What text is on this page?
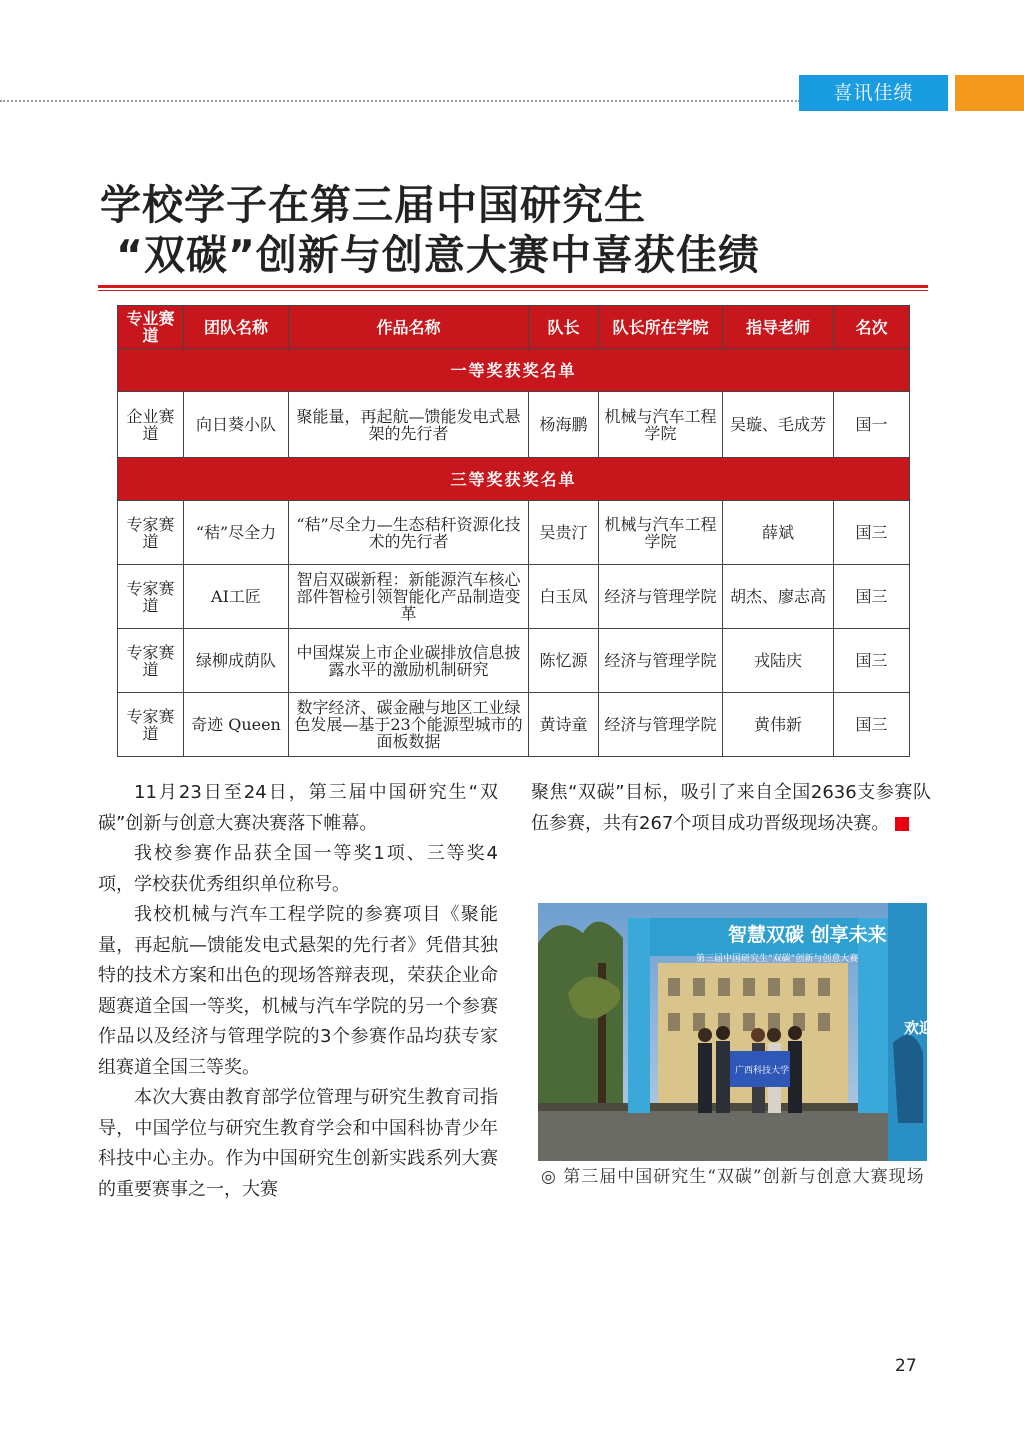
喜讯佳绩
学校学子在第三届中国研究生
“双碳”创新与创意大赛中喜获佳绩
专业赛道	团队名称	作品名称	队长	队长所在学院	指导老师	名次
一等奖获奖名单						
企业赛道	向日葵小队	聚能量，再起航—馈能发电式悬架的先行者	杨海鹏	机械与汽车工程学院	吴璇、毛成芳	国一
三等奖获奖名单						
专家赛道	“秸”尽全力	“秸”尽全力—生态秸秆资源化技术的先行者	吴贵汀	机械与汽车工程学院	薛斌	国三
专家赛道	AI工匠	智启双碳新程：新能源汽车核心部件智检引领智能化产品制造变革	白玉凤	经济与管理学院	胡杰、廖志高	国三
专家赛道	绿柳成荫队	中国煤炭上市企业碳排放信息披露水平的激励机制研究	陈忆源	经济与管理学院	戎陆庆	国三
专家赛道	奇迹 Queen	数字经济、碳金融与地区工业绿色发展—基于23个能源型城市的面板数据	黄诗童	经济与管理学院	黄伟新	国三

11月23日至24日，第三届中国研究生“双碳”创新与创意大赛决赛落下帷幕。

我校参赛作品获全国一等奖1项、三等奖4项，学校获优秀组织单位称号。

我校机械与汽车工程学院的参赛项目《聚能量，再起航—馈能发电式悬架的先行者》凭借其独特的技术方案和出色的现场答辩表现，荣获企业命题赛道全国一等奖，机械与汽车学院的另一个参赛作品以及经济与管理学院的3个参赛作品均获专家组赛道全国三等奖。

本次大赛由教育部学位管理与研究生教育司指导，中国学位与研究生教育学会和中国科协青少年科技中心主办。作为中国研究生创新实践系列大赛的重要赛事之一，大赛

聚焦“双碳”目标，吸引了来自全国2636支参赛队伍参赛，共有267个项目成功晋级现场决赛。

智慧双碳 创享未来
第三届中国研究生“双碳”创新与创意大赛
欢迎
广西科技大学
◎ 第三届中国研究生“双碳”创新与创意大赛现场
27
